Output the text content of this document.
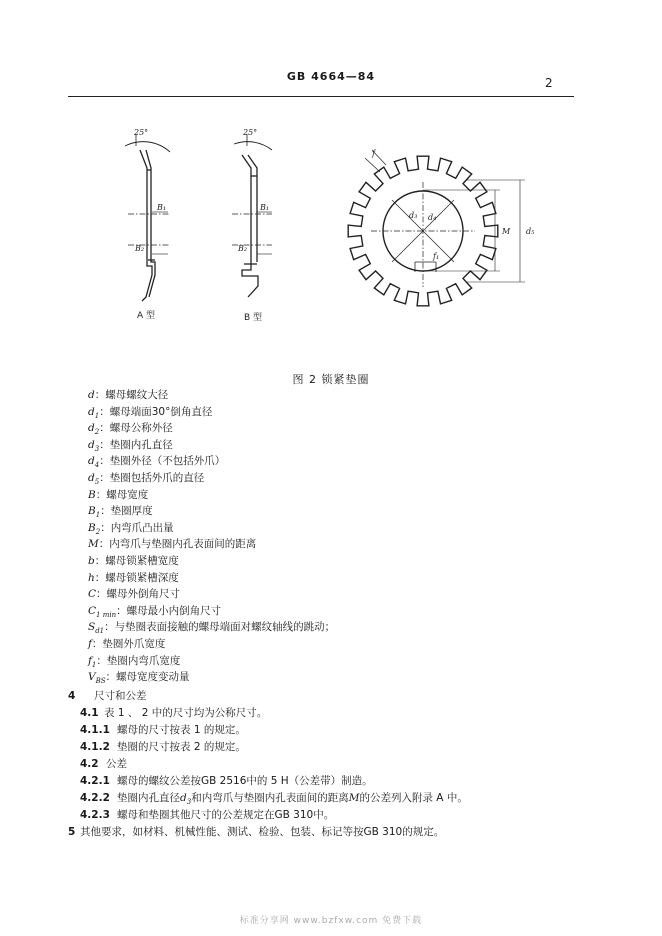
GB 4664—84	2
25°	25°
B₁
B₂
B₁
B₂
f
d₃ d₄
f₁
M d₅
A 型	B 型
图 2 锁紧垫圈
d：螺母螺纹大径
$d_1$：螺母端面30°倒角直径
$d_2$：螺母公称外径
$d_3$：垫圈内孔直径
$d_4$：垫圈外径（不包括外爪）
$d_5$：垫圈包括外爪的直径
B：螺母宽度
$B_1$：垫圈厚度
$B_2$：内弯爪凸出量
M：内弯爪与垫圈内孔表面间的距离
b：螺母锁紧槽宽度
h：螺母锁紧槽深度
C：螺母外倒角尺寸
$C_{1 min}$：螺母最小内倒角尺寸
$S_{d1}$：与垫圈表面接触的螺母端面对螺纹轴线的跳动；
f：垫圈外爪宽度
$f_1$：垫圈内弯爪宽度
$V_{BS}$：螺母宽度变动量
4 尺寸和公差
4.1 表 1 、 2 中的尺寸均为公称尺寸。
4.1.1 螺母的尺寸按表 1 的规定。
4.1.2 垫圈的尺寸按表 2 的规定。
4.2 公差
4.2.1 螺母的螺纹公差按GB 2516中的 5 H（公差带）制造。
4.2.2 垫圈内孔直径$d_3$和内弯爪与垫圈内孔表面间的距离M的公差列入附录 A 中。
4.2.3 螺母和垫圈其他尺寸的公差规定在GB 310中。
5 其他要求，如材料、机械性能、测试、检验、包装、标记等按GB 310的规定。
标准分享网 www.bzfxw.com 免费下载
